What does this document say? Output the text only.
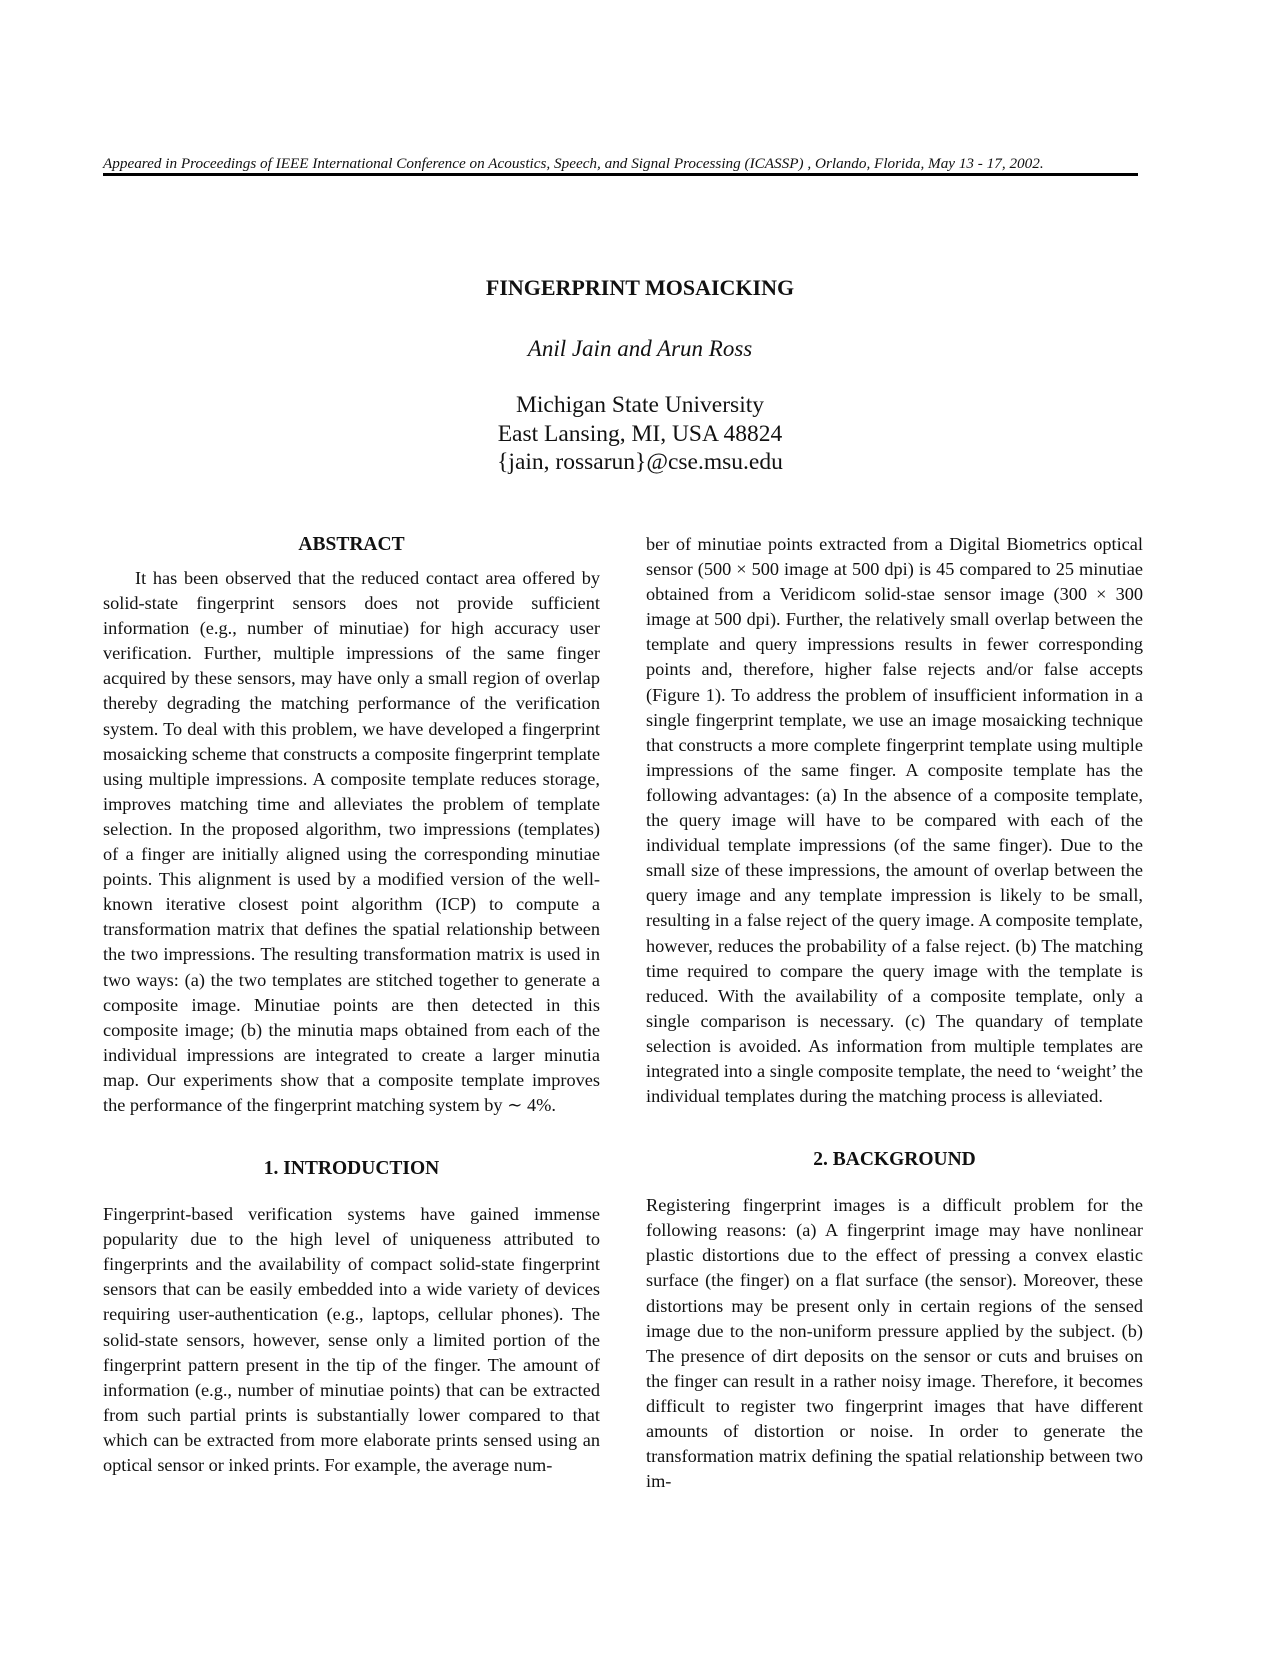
Appeared in Proceedings of IEEE International Conference on Acoustics, Speech, and Signal Processing (ICASSP) , Orlando, Florida, May 13 - 17, 2002.
FINGERPRINT MOSAICKING
Anil Jain and Arun Ross
Michigan State University
East Lansing, MI, USA 48824
{jain, rossarun}@cse.msu.edu
ABSTRACT

It has been observed that the reduced contact area offered by solid-state fingerprint sensors does not provide sufficient information (e.g., number of minutiae) for high accuracy user verification. Further, multiple impressions of the same finger acquired by these sensors, may have only a small region of overlap thereby degrading the matching performance of the verification system. To deal with this problem, we have developed a fingerprint mosaicking scheme that constructs a composite fingerprint template using multiple impressions. A composite template reduces storage, improves matching time and alleviates the problem of template selection. In the proposed algorithm, two impressions (templates) of a finger are initially aligned using the corresponding minutiae points. This alignment is used by a modified version of the well-known iterative closest point algorithm (ICP) to compute a transformation matrix that defines the spatial relationship between the two impressions. The resulting transformation matrix is used in two ways: (a) the two templates are stitched together to generate a composite image. Minutiae points are then detected in this composite image; (b) the minutia maps obtained from each of the individual impressions are integrated to create a larger minutia map. Our experiments show that a composite template improves the performance of the fingerprint matching system by ∼ 4%.

1. INTRODUCTION

Fingerprint-based verification systems have gained immense popularity due to the high level of uniqueness attributed to fingerprints and the availability of compact solid-state fingerprint sensors that can be easily embedded into a wide variety of devices requiring user-authentication (e.g., laptops, cellular phones). The solid-state sensors, however, sense only a limited portion of the fingerprint pattern present in the tip of the finger. The amount of information (e.g., number of minutiae points) that can be extracted from such partial prints is substantially lower compared to that which can be extracted from more elaborate prints sensed using an optical sensor or inked prints. For example, the average num-

ber of minutiae points extracted from a Digital Biometrics optical sensor (500 × 500 image at 500 dpi) is 45 compared to 25 minutiae obtained from a Veridicom solid-stae sensor image (300 × 300 image at 500 dpi). Further, the relatively small overlap between the template and query impressions results in fewer corresponding points and, therefore, higher false rejects and/or false accepts (Figure 1). To address the problem of insufficient information in a single fingerprint template, we use an image mosaicking technique that constructs a more complete fingerprint template using multiple impressions of the same finger. A composite template has the following advantages: (a) In the absence of a composite template, the query image will have to be compared with each of the individual template impressions (of the same finger). Due to the small size of these impressions, the amount of overlap between the query image and any template impression is likely to be small, resulting in a false reject of the query image. A composite template, however, reduces the probability of a false reject. (b) The matching time required to compare the query image with the template is reduced. With the availability of a composite template, only a single comparison is necessary. (c) The quandary of template selection is avoided. As information from multiple templates are integrated into a single composite template, the need to ‘weight’ the individual templates during the matching process is alleviated.

2. BACKGROUND

Registering fingerprint images is a difficult problem for the following reasons: (a) A fingerprint image may have nonlinear plastic distortions due to the effect of pressing a convex elastic surface (the finger) on a flat surface (the sensor). Moreover, these distortions may be present only in certain regions of the sensed image due to the non-uniform pressure applied by the subject. (b) The presence of dirt deposits on the sensor or cuts and bruises on the finger can result in a rather noisy image. Therefore, it becomes difficult to register two fingerprint images that have different amounts of distortion or noise. In order to generate the transformation matrix defining the spatial relationship between two im-
